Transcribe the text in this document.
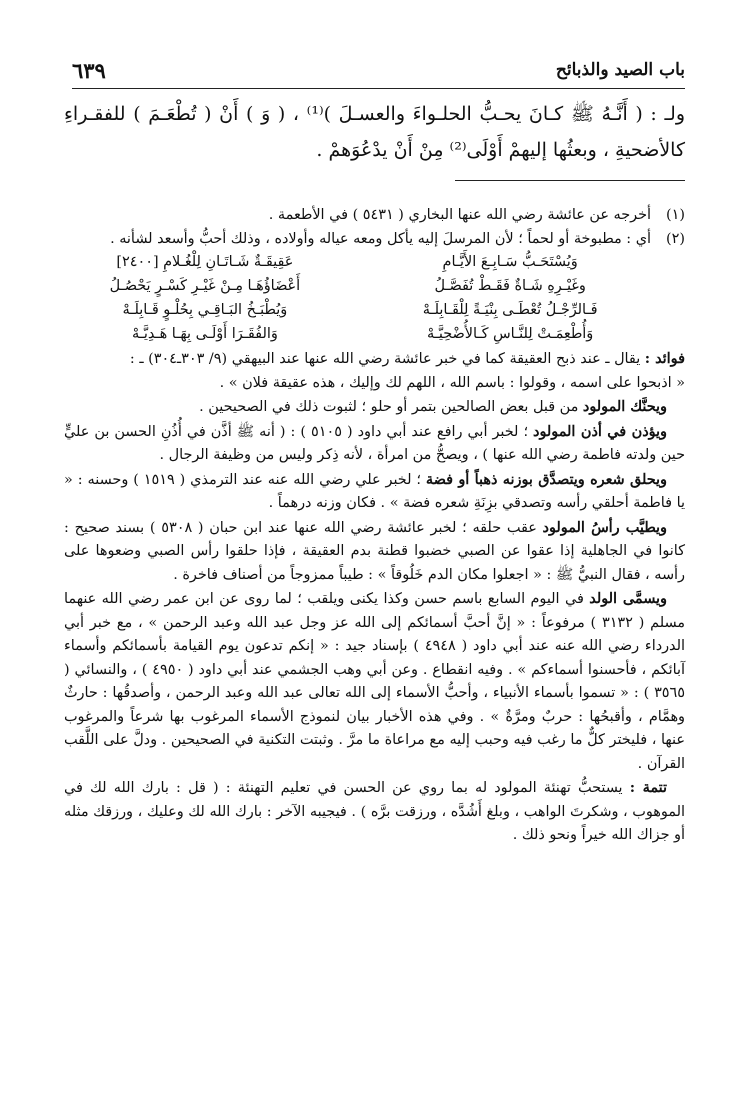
باب الصيد والذبائح
٦٣٩

ولـ : ( أَنَّـهُ ﷺ كـانَ يحـبُّ الحلـواءَ والعسـلَ )⁽¹⁾ ، ( وَ ) أَنْ ( تُطْعَـمَ ) للفقـراءِ كالأضحيةِ ، وبعثُها إليهمْ أَوْلَى⁽²⁾ مِنْ أَنْ يدْعُوَهمْ .

(١)
أخرجه عن عائشة رضي الله عنها البخاري ( ٥٤٣١ ) في الأطعمة .
(٢)
أي : مطبوخة أو لحماً ؛ لأن المرسلَ إليه يأكل ومعه عياله وأولاده ، وذلك أحبُّ وأسعد لشأنه .
وَيُسْتَحَـبُّ سَـابِـعَ الأَيَّـامِ
عَقِيقَـةٌ شَـاتَـانِ لِلْغُـلامِ [٢٤٠٠]
وغَيْـرِهِ شَـاةٌ فَقَـطْ تُفَصَّـلُ
أَعْضَاؤُهَـا مِـنْ غَيْـرِ كَسْـرٍ يَحْصُـلُ
فَـالرِّجْـلُ تُعْطَـى بِنْيَـةً لِلْقَـابِلَـهْ
وَيُطْبَـخُ البَـاقِـي بِحُلْـوٍ قَـابِلَـهْ
وَأُطْعِمَـتْ لِلنَّـاسِ كَـالأُضْحِيَّـهْ
وَالفُقَـرَا أَوْلَـى بِهَـا هَـدِيَّـهْ

فوائد : يقال ـ عند ذبح العقيقة كما في خبر عائشة رضي الله عنها عند البيهقي (٩/ ٣٠٣ـ٣٠٤) ـ :

« اذبحوا على اسمه ، وقولوا : باسم الله ، اللهم لك وإليك ، هذه عقيقة فلان » .

ويحنَّك المولود من قبل بعض الصالحين بتمر أو حلو ؛ لثبوت ذلك في الصحيحين .

ويؤذن في أذن المولود ؛ لخبر أبي رافع عند أبي داود ( ٥١٠٥ ) : ( أنه ﷺ أذَّن في أُذُنِ الحسن بن عليٍّ حين ولدته فاطمة رضي الله عنها ) ، ويصحُّ من امرأة ، لأنه ذِكر وليس من وظيفة الرجال .

ويحلق شعره ويتصدَّق بوزنه ذهباً أو فضة ؛ لخبر علي رضي الله عنه عند الترمذي ( ١٥١٩ ) وحسنه : « يا فاطمة أحلقي رأسه وتصدقي بزِنَةِ شعره فضة » . فكان وزنه درهماً .

ويطيَّب رأسُ المولود عقب حلقه ؛ لخبر عائشة رضي الله عنها عند ابن حبان ( ٥٣٠٨ ) بسند صحيح : كانوا في الجاهلية إذا عقوا عن الصبي خضبوا قطنة بدم العقيقة ، فإذا حلقوا رأس الصبي وضعوها على رأسه ، فقال النبيُّ ﷺ : « اجعلوا مكان الدم خَلُوقاً » : طيباً ممزوجاً من أصناف فاخرة .

ويسمَّى الولد في اليوم السابع باسم حسن وكذا يكنى ويلقب ؛ لما روى عن ابن عمر رضي الله عنهما مسلم ( ٣١٣٢ ) مرفوعاً : « إنَّ أحبَّ أسمائكم إلى الله عز وجل عبد الله وعبد الرحمن » ، مع خبر أبي الدرداء رضي الله عنه عند أبي داود ( ٤٩٤٨ ) بإسناد جيد : « إنكم تدعون يوم القيامة بأسمائكم وأسماء آبائكم ، فأحسنوا أسماءكم » . وفيه انقطاع . وعن أبي وهب الجشمي عند أبي داود ( ٤٩٥٠ ) ، والنسائي ( ٣٥٦٥ ) : « تسموا بأسماء الأنبياء ، وأحبُّ الأسماء إلى الله تعالى عبد الله وعبد الرحمن ، وأصدقُها : حارثٌ وهمَّام ، وأقبحُها : حربٌ ومرَّةٌ » . وفي هذه الأخبار بيان لنموذج الأسماء المرغوب بها شرعاً والمرغوب عنها ، فليختر كلٌّ ما رغب فيه وحبب إليه مع مراعاة ما مرَّ . وثبتت التكنية في الصحيحين . ودلَّ على اللَّقب القرآن .

تتمة : يستحبُّ تهنئة المولود له بما روي عن الحسن في تعليم التهنئة : ( قل : بارك الله لك في الموهوب ، وشكرتَ الواهب ، وبلغ أَشُدَّه ، ورزقت برَّه ) . فيجيبه الآخر : بارك الله لك وعليك ، ورزقك مثله أو جزاك الله خيراً ونحو ذلك .
